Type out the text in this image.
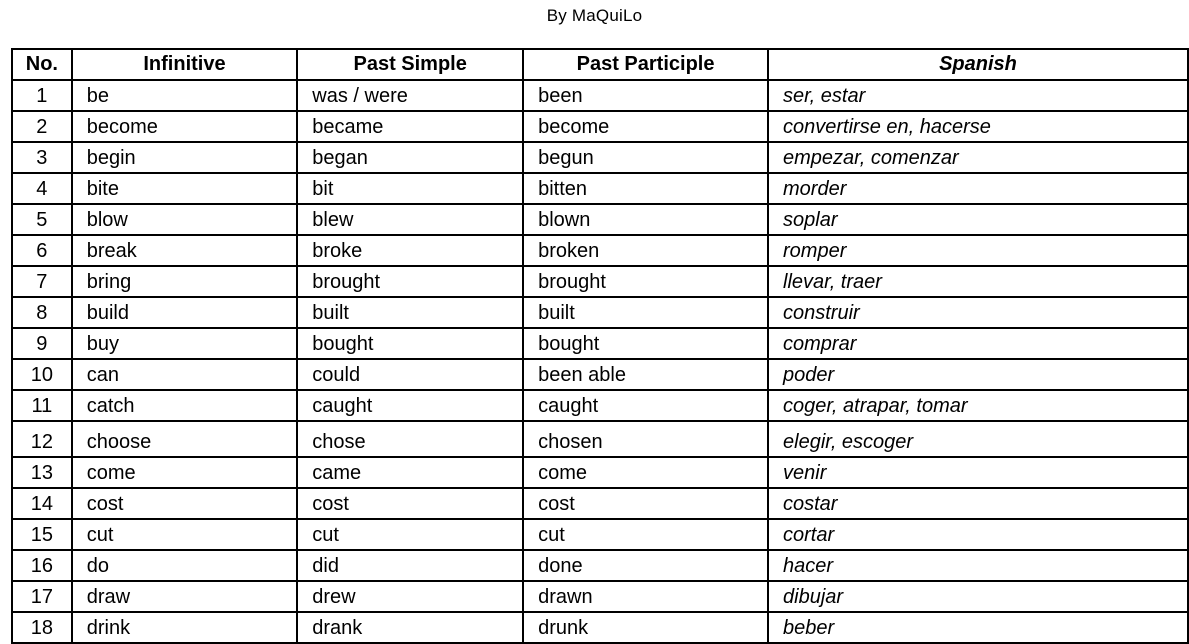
By MaQuiLo
No.	Infinitive	Past Simple	Past Participle	Spanish
1	be	was / were	been	ser, estar
2	become	became	become	convertirse en, hacerse
3	begin	began	begun	empezar, comenzar
4	bite	bit	bitten	morder
5	blow	blew	blown	soplar
6	break	broke	broken	romper
7	bring	brought	brought	llevar, traer
8	build	built	built	construir
9	buy	bought	bought	comprar
10	can	could	been able	poder
11	catch	caught	caught	coger, atrapar, tomar
12	choose	chose	chosen	elegir, escoger
13	come	came	come	venir
14	cost	cost	cost	costar
15	cut	cut	cut	cortar
16	do	did	done	hacer
17	draw	drew	drawn	dibujar
18	drink	drank	drunk	beber
